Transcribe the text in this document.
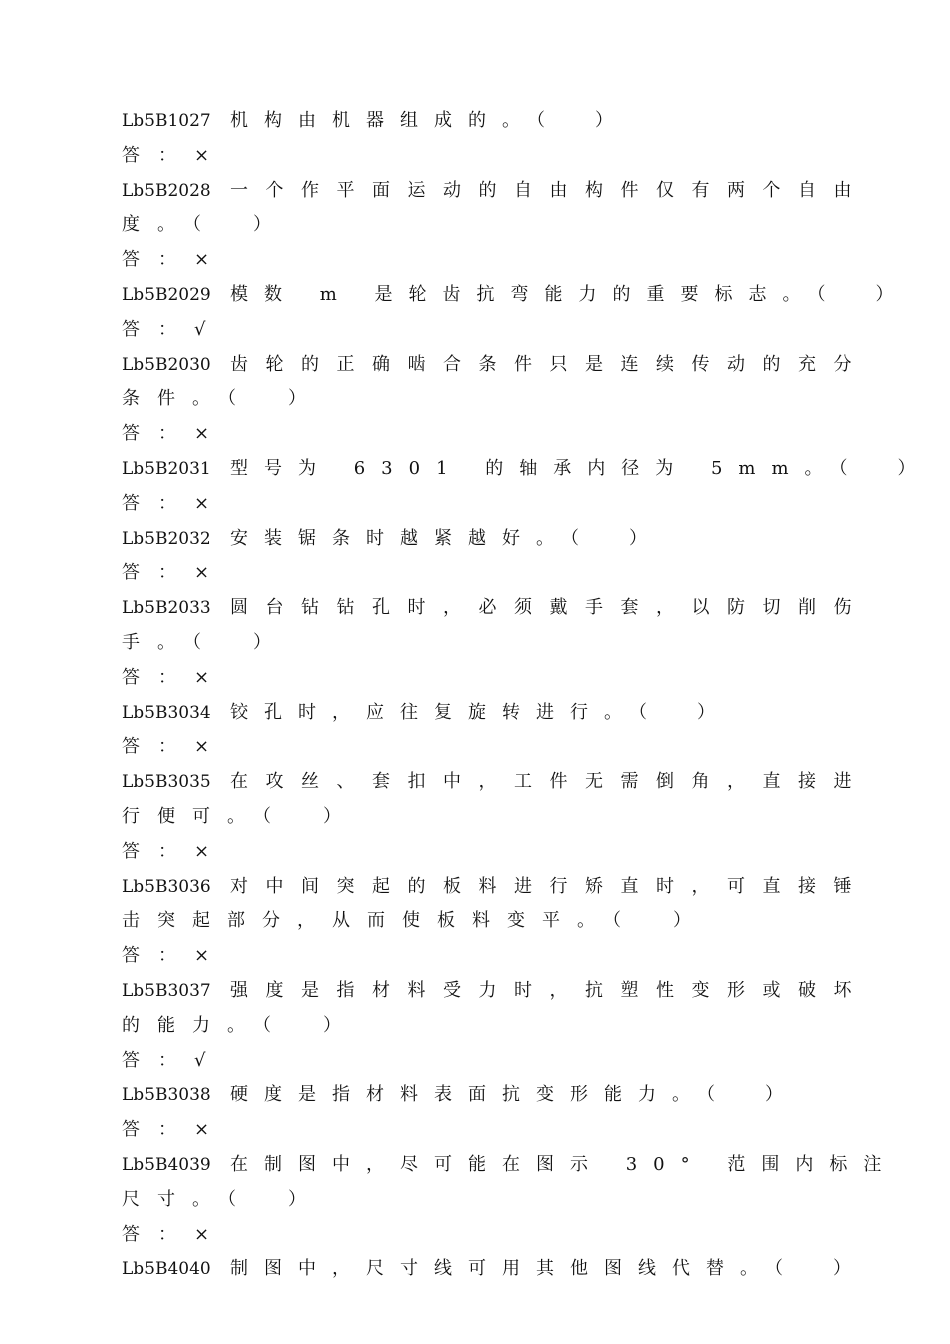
Lb5B1027 机构由机器组成的。（　）
答：×
Lb5B2028 一个作平面运动的自由构件仅有两个自由
度。（　）
答：×
Lb5B2029 模数 m 是轮齿抗弯能力的重要标志。（　）
答：√
Lb5B2030 齿轮的正确啮合条件只是连续传动的充分
条件。（　）
答：×
Lb5B2031 型号为 6301 的轴承内径为 5mm。（　）
答：×
Lb5B2032 安装锯条时越紧越好。（　）
答：×
Lb5B2033 圆台钻钻孔时，必须戴手套，以防切削伤
手。（　）
答：×
Lb5B3034 铰孔时，应往复旋转进行。（　）
答：×
Lb5B3035 在攻丝、套扣中，工件无需倒角，直接进
行便可。（　）
答：×
Lb5B3036 对中间突起的板料进行矫直时，可直接锤
击突起部分，从而使板料变平。（　）
答：×
Lb5B3037 强度是指材料受力时，抗塑性变形或破坏
的能力。（　）
答：√
Lb5B3038 硬度是指材料表面抗变形能力。（　）
答：×
Lb5B4039 在制图中，尽可能在图示 30° 范围内标注
尺寸。（　）
答：×
Lb5B4040 制图中，尺寸线可用其他图线代替。（　）
